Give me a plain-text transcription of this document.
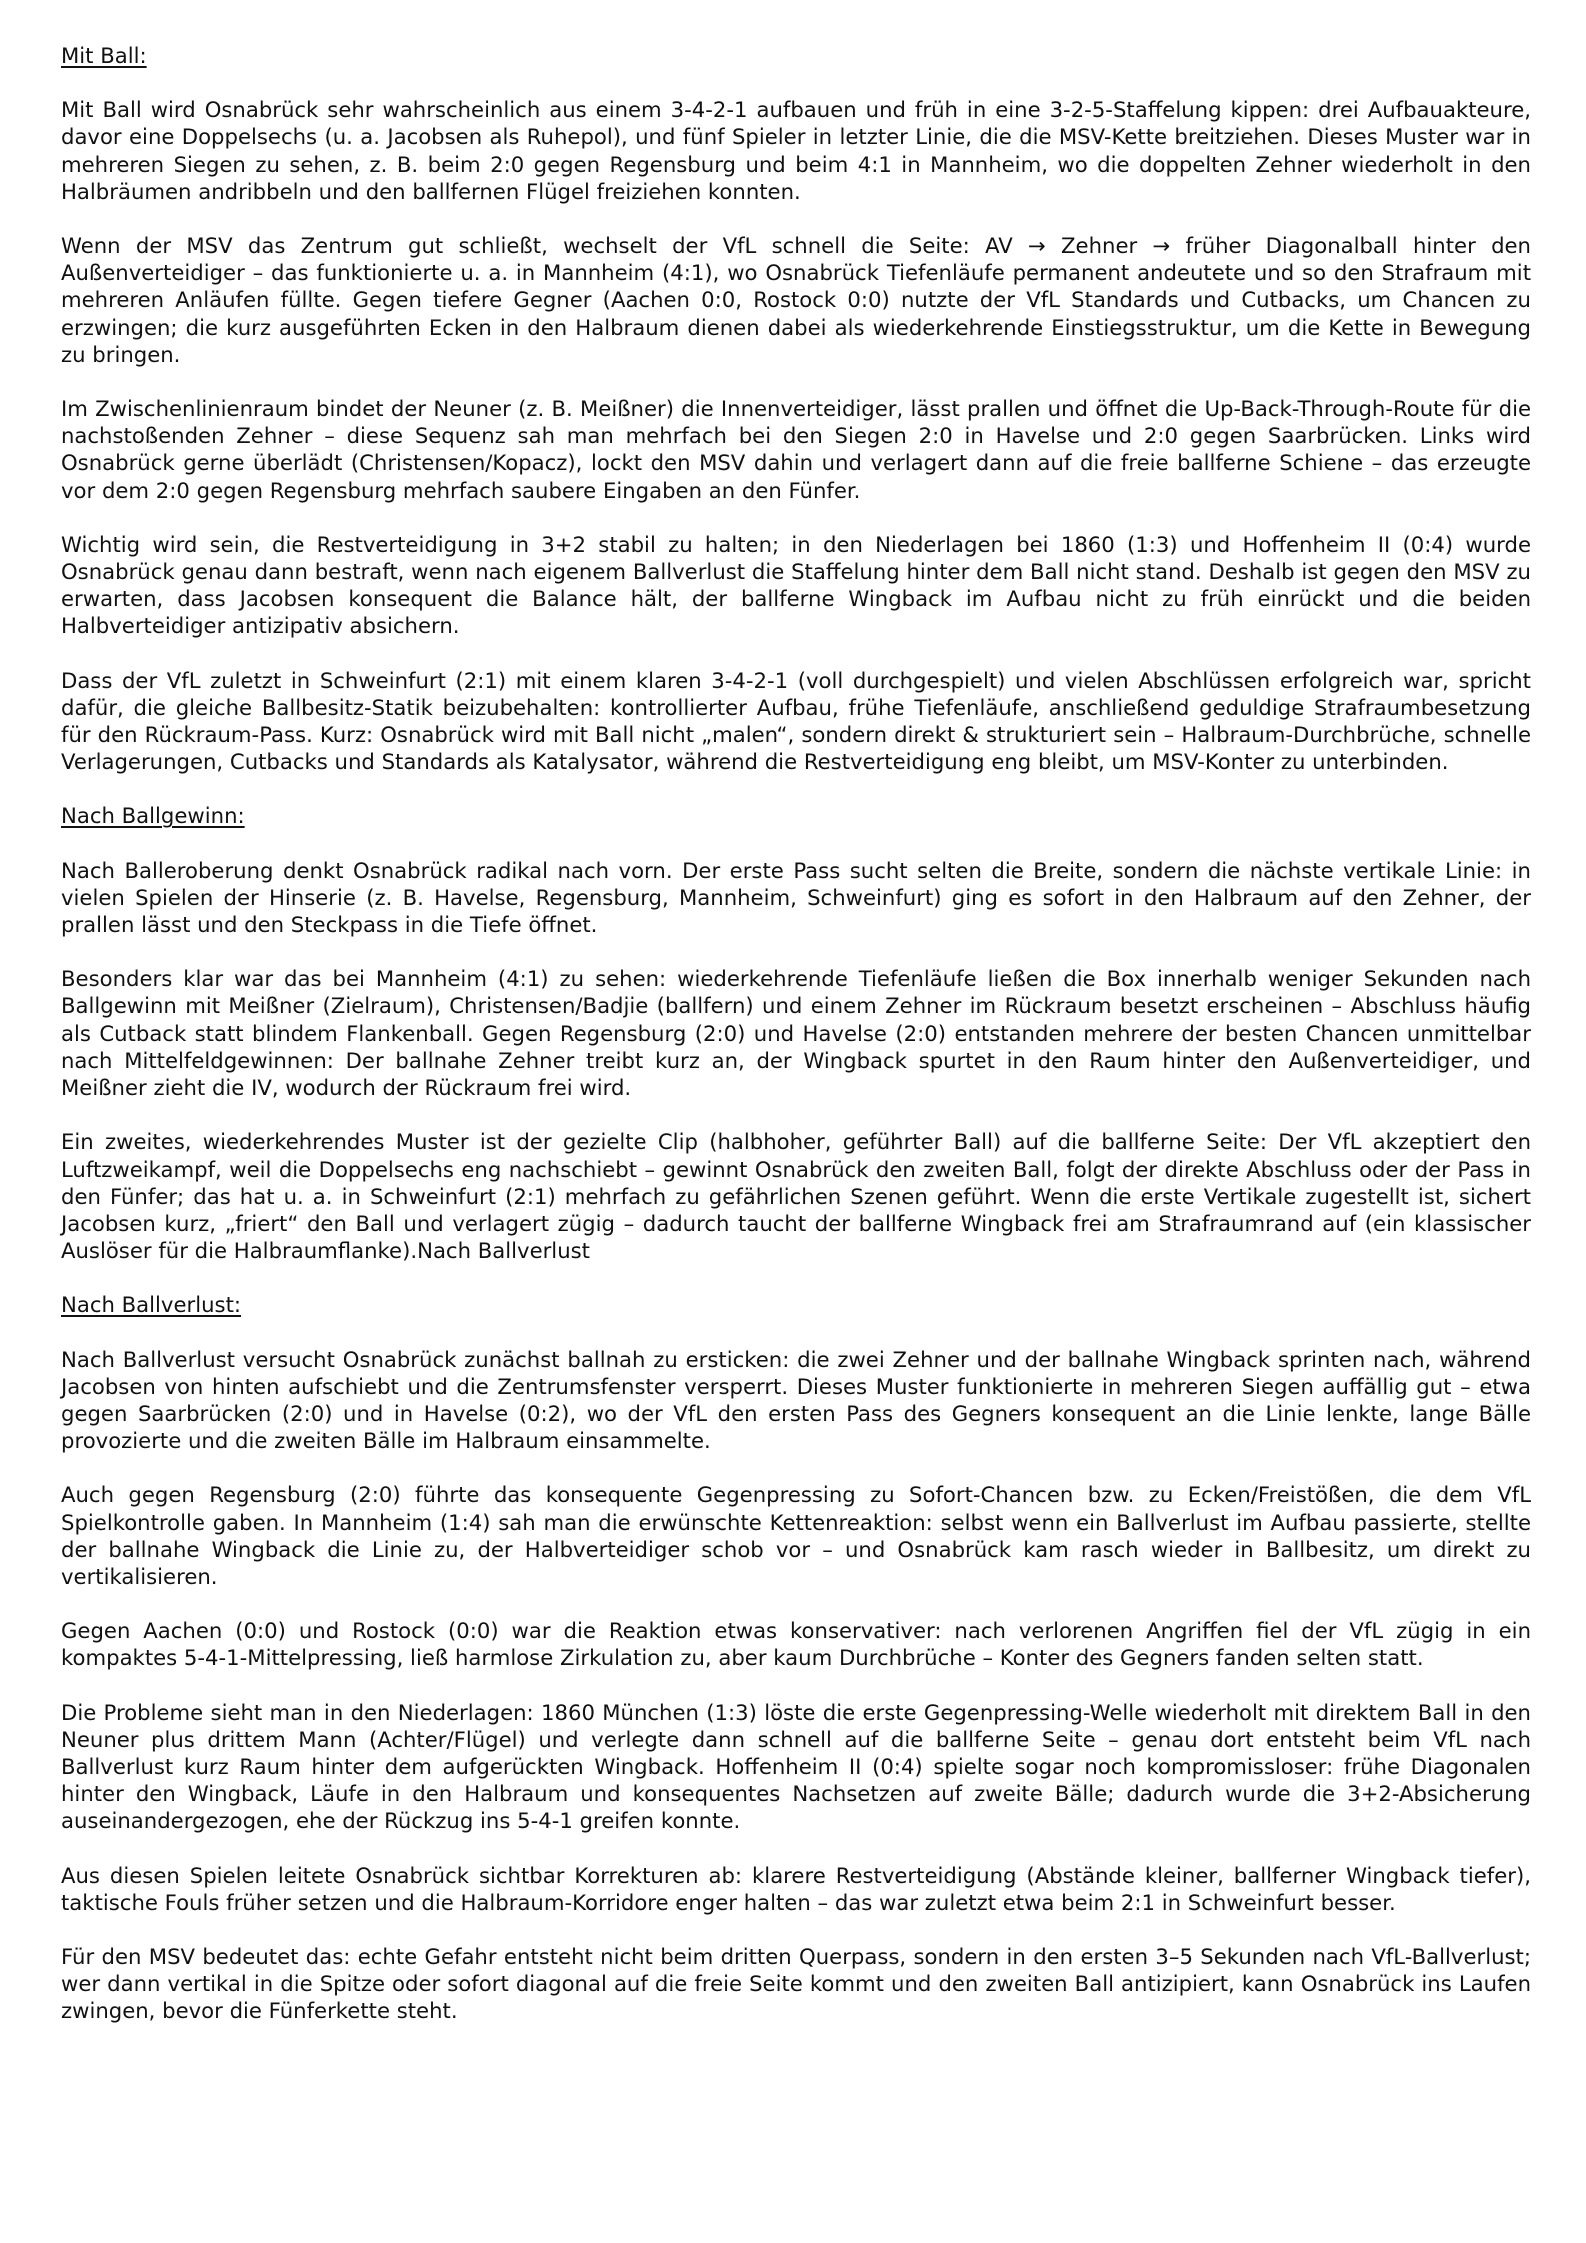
Mit Ball:

Mit Ball wird Osnabrück sehr wahrscheinlich aus einem 3-4-2-1 aufbauen und früh in eine 3-2-5-Staffelung kippen: drei Aufbauakteure, davor eine Doppelsechs (u. a. Jacobsen als Ruhepol), und fünf Spieler in letzter Linie, die die MSV-Kette breitziehen. Dieses Muster war in mehreren Siegen zu sehen, z. B. beim 2:0 gegen Regensburg und beim 4:1 in Mannheim, wo die doppelten Zehner wiederholt in den Halbräumen andribbeln und den ballfernen Flügel freiziehen konnten.

Wenn der MSV das Zentrum gut schließt, wechselt der VfL schnell die Seite: AV → Zehner → früher Diagonalball hinter den Außenverteidiger – das funktionierte u. a. in Mannheim (4:1), wo Osnabrück Tiefenläufe permanent andeutete und so den Strafraum mit mehreren Anläufen füllte. Gegen tiefere Gegner (Aachen 0:0, Rostock 0:0) nutzte der VfL Standards und Cutbacks, um Chancen zu erzwingen; die kurz ausgeführten Ecken in den Halbraum dienen dabei als wiederkehrende Einstiegsstruktur, um die Kette in Bewegung zu bringen.

Im Zwischenlinienraum bindet der Neuner (z. B. Meißner) die Innenverteidiger, lässt prallen und öffnet die Up-Back-Through-Route für die nachstoßenden Zehner – diese Sequenz sah man mehrfach bei den Siegen 2:0 in Havelse und 2:0 gegen Saarbrücken. Links wird Osnabrück gerne überlädt (Christensen/Kopacz), lockt den MSV dahin und verlagert dann auf die freie ballferne Schiene – das erzeugte vor dem 2:0 gegen Regensburg mehrfach saubere Eingaben an den Fünfer.

Wichtig wird sein, die Restverteidigung in 3+2 stabil zu halten; in den Niederlagen bei 1860 (1:3) und Hoffenheim II (0:4) wurde Osnabrück genau dann bestraft, wenn nach eigenem Ballverlust die Staffelung hinter dem Ball nicht stand. Deshalb ist gegen den MSV zu erwarten, dass Jacobsen konsequent die Balance hält, der ballferne Wingback im Aufbau nicht zu früh einrückt und die beiden Halbverteidiger antizipativ absichern.

Dass der VfL zuletzt in Schweinfurt (2:1) mit einem klaren 3-4-2-1 (voll durchgespielt) und vielen Abschlüssen erfolgreich war, spricht dafür, die gleiche Ballbesitz-Statik beizubehalten: kontrollierter Aufbau, frühe Tiefenläufe, anschließend geduldige Strafraumbesetzung für den Rückraum-Pass. Kurz: Osnabrück wird mit Ball nicht „malen“, sondern direkt & strukturiert sein – Halbraum-Durchbrüche, schnelle Verlagerungen, Cutbacks und Standards als Katalysator, während die Restverteidigung eng bleibt, um MSV-Konter zu unterbinden.

Nach Ballgewinn:

Nach Balleroberung denkt Osnabrück radikal nach vorn. Der erste Pass sucht selten die Breite, sondern die nächste vertikale Linie: in vielen Spielen der Hinserie (z. B. Havelse, Regensburg, Mannheim, Schweinfurt) ging es sofort in den Halbraum auf den Zehner, der prallen lässt und den Steckpass in die Tiefe öffnet.

Besonders klar war das bei Mannheim (4:1) zu sehen: wiederkehrende Tiefenläufe ließen die Box innerhalb weniger Sekunden nach Ballgewinn mit Meißner (Zielraum), Christensen/Badjie (ballfern) und einem Zehner im Rückraum besetzt erscheinen – Abschluss häufig als Cutback statt blindem Flankenball. Gegen Regensburg (2:0) und Havelse (2:0) entstanden mehrere der besten Chancen unmittelbar nach Mittelfeldgewinnen: Der ballnahe Zehner treibt kurz an, der Wingback spurtet in den Raum hinter den Außenverteidiger, und Meißner zieht die IV, wodurch der Rückraum frei wird.

Ein zweites, wiederkehrendes Muster ist der gezielte Clip (halbhoher, geführter Ball) auf die ballferne Seite: Der VfL akzeptiert den Luftzweikampf, weil die Doppelsechs eng nachschiebt – gewinnt Osnabrück den zweiten Ball, folgt der direkte Abschluss oder der Pass in den Fünfer; das hat u. a. in Schweinfurt (2:1) mehrfach zu gefährlichen Szenen geführt. Wenn die erste Vertikale zugestellt ist, sichert Jacobsen kurz, „friert“ den Ball und verlagert zügig – dadurch taucht der ballferne Wingback frei am Strafraumrand auf (ein klassischer Auslöser für die Halbraumflanke).Nach Ballverlust

Nach Ballverlust:

Nach Ballverlust versucht Osnabrück zunächst ballnah zu ersticken: die zwei Zehner und der ballnahe Wingback sprinten nach, während Jacobsen von hinten aufschiebt und die Zentrumsfenster versperrt. Dieses Muster funktionierte in mehreren Siegen auffällig gut – etwa gegen Saarbrücken (2:0) und in Havelse (0:2), wo der VfL den ersten Pass des Gegners konsequent an die Linie lenkte, lange Bälle provozierte und die zweiten Bälle im Halbraum einsammelte.

Auch gegen Regensburg (2:0) führte das konsequente Gegenpressing zu Sofort-Chancen bzw. zu Ecken/Freistößen, die dem VfL Spielkontrolle gaben. In Mannheim (1:4) sah man die erwünschte Kettenreaktion: selbst wenn ein Ballverlust im Aufbau passierte, stellte der ballnahe Wingback die Linie zu, der Halbverteidiger schob vor – und Osnabrück kam rasch wieder in Ballbesitz, um direkt zu vertikalisieren.

Gegen Aachen (0:0) und Rostock (0:0) war die Reaktion etwas konservativer: nach verlorenen Angriffen fiel der VfL zügig in ein kompaktes 5-4-1-Mittelpressing, ließ harmlose Zirkulation zu, aber kaum Durchbrüche – Konter des Gegners fanden selten statt.

Die Probleme sieht man in den Niederlagen: 1860 München (1:3) löste die erste Gegenpressing-Welle wiederholt mit direktem Ball in den Neuner plus drittem Mann (Achter/Flügel) und verlegte dann schnell auf die ballferne Seite – genau dort entsteht beim VfL nach Ballverlust kurz Raum hinter dem aufgerückten Wingback. Hoffenheim II (0:4) spielte sogar noch kompromissloser: frühe Diagonalen hinter den Wingback, Läufe in den Halbraum und konsequentes Nachsetzen auf zweite Bälle; dadurch wurde die 3+2-Absicherung auseinandergezogen, ehe der Rückzug ins 5-4-1 greifen konnte.

Aus diesen Spielen leitete Osnabrück sichtbar Korrekturen ab: klarere Restverteidigung (Abstände kleiner, ballferner Wingback tiefer), taktische Fouls früher setzen und die Halbraum-Korridore enger halten – das war zuletzt etwa beim 2:1 in Schweinfurt besser.

Für den MSV bedeutet das: echte Gefahr entsteht nicht beim dritten Querpass, sondern in den ersten 3–5 Sekunden nach VfL-Ballverlust; wer dann vertikal in die Spitze oder sofort diagonal auf die freie Seite kommt und den zweiten Ball antizipiert, kann Osnabrück ins Laufen zwingen, bevor die Fünferkette steht.
